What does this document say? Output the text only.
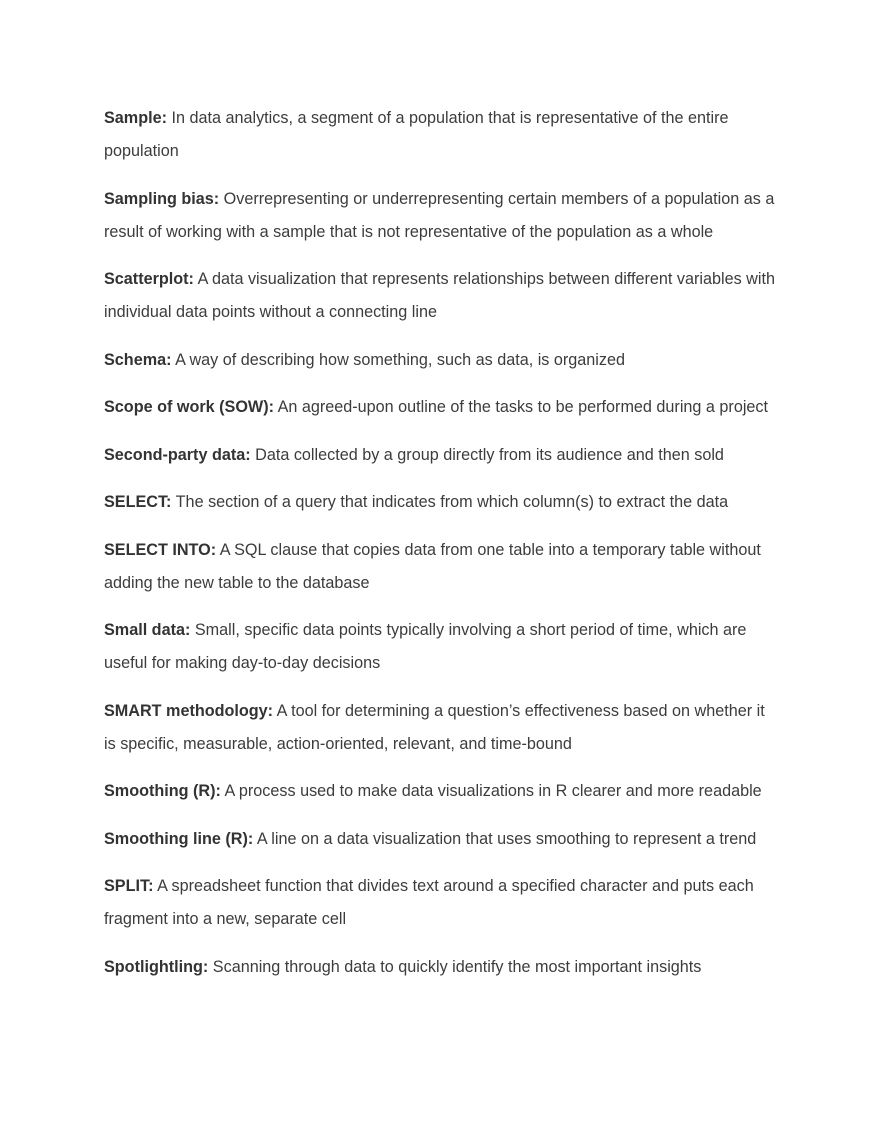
Sample: In data analytics, a segment of a population that is representative of the entire population

Sampling bias: Overrepresenting or underrepresenting certain members of a population as a result of working with a sample that is not representative of the population as a whole

Scatterplot: A data visualization that represents relationships between different variables with individual data points without a connecting line

Schema: A way of describing how something, such as data, is organized

Scope of work (SOW): An agreed-upon outline of the tasks to be performed during a project

Second-party data: Data collected by a group directly from its audience and then sold

SELECT: The section of a query that indicates from which column(s) to extract the data

SELECT INTO: A SQL clause that copies data from one table into a temporary table without adding the new table to the database

Small data: Small, specific data points typically involving a short period of time, which are useful for making day-to-day decisions

SMART methodology: A tool for determining a question’s effectiveness based on whether it is specific, measurable, action-oriented, relevant, and time-bound

Smoothing (R): A process used to make data visualizations in R clearer and more readable

Smoothing line (R): A line on a data visualization that uses smoothing to represent a trend

SPLIT: A spreadsheet function that divides text around a specified character and puts each fragment into a new, separate cell

Spotlightling: Scanning through data to quickly identify the most important insights
